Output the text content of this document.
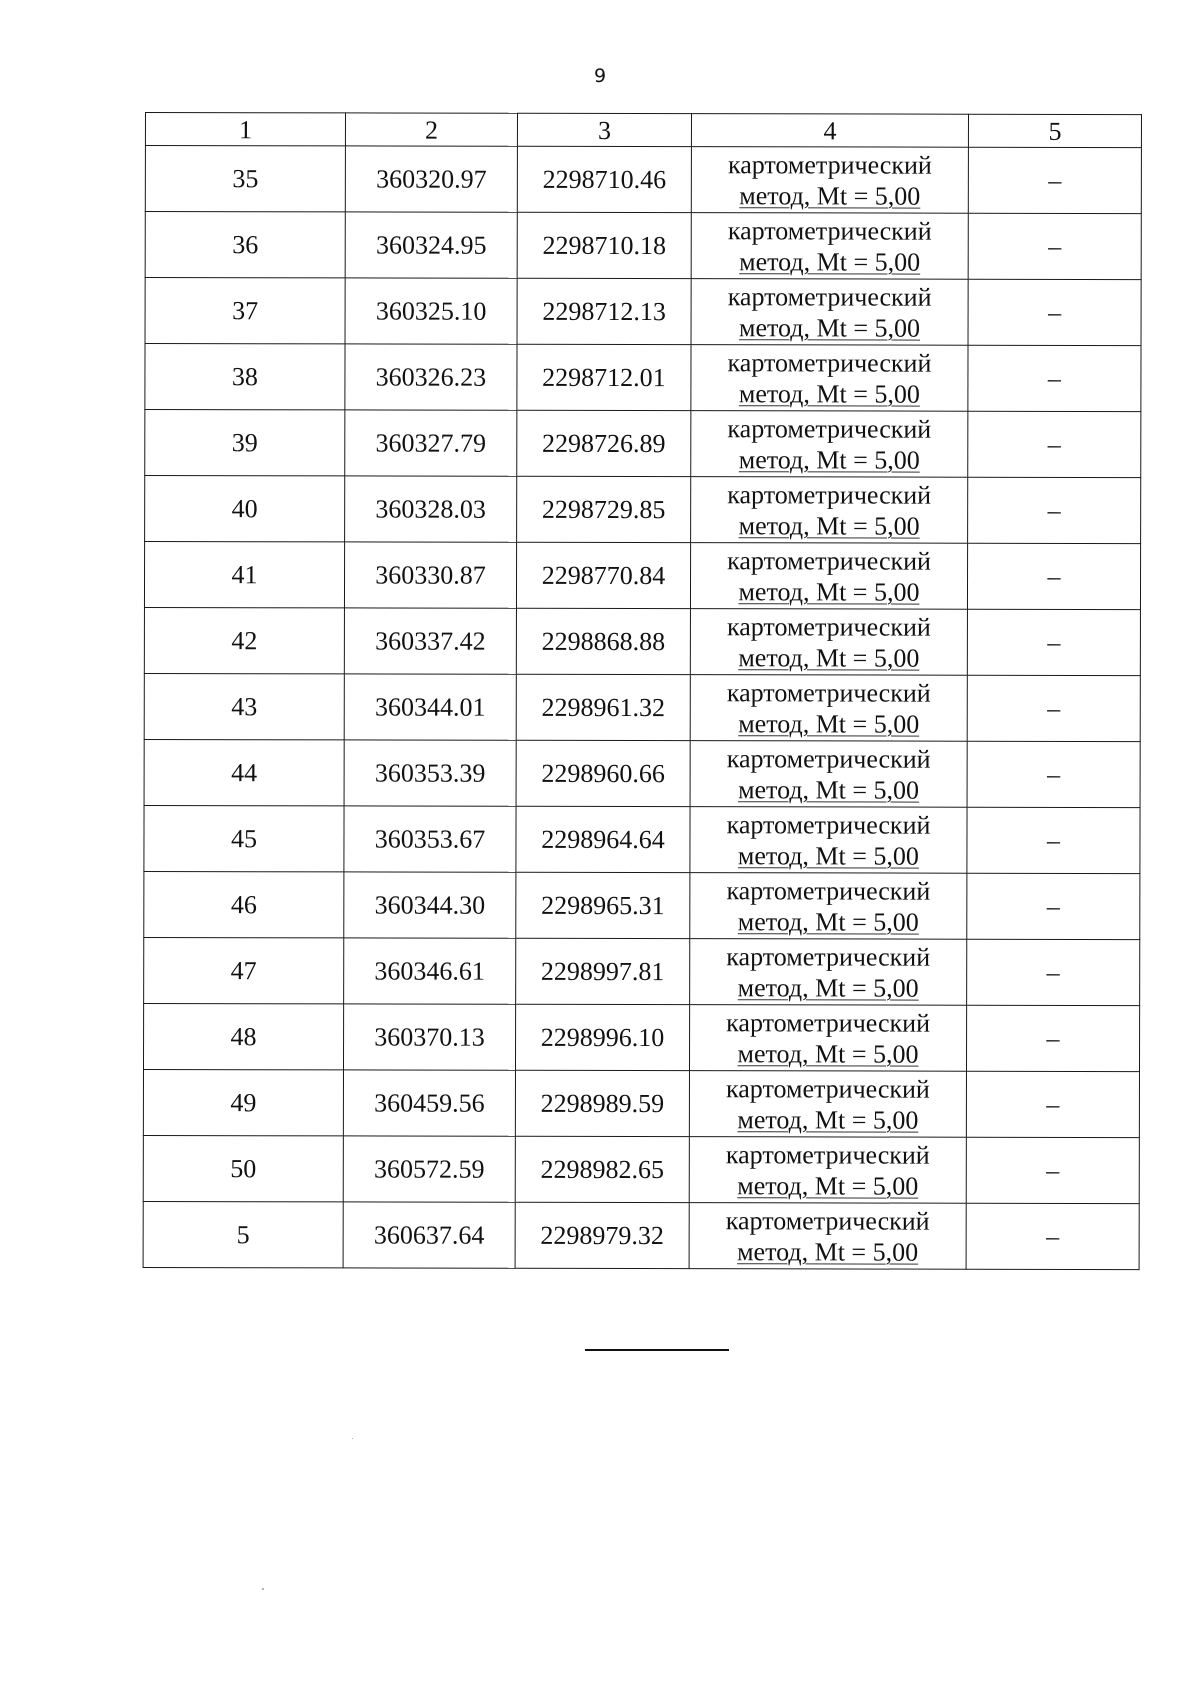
9
1	2	3	4	5
35	360320.97	2298710.46	картометрический
метод, Mt = 5,00	–
36	360324.95	2298710.18	картометрический
метод, Mt = 5,00	–
37	360325.10	2298712.13	картометрический
метод, Mt = 5,00	–
38	360326.23	2298712.01	картометрический
метод, Mt = 5,00	–
39	360327.79	2298726.89	картометрический
метод, Mt = 5,00	–
40	360328.03	2298729.85	картометрический
метод, Mt = 5,00	–
41	360330.87	2298770.84	картометрический
метод, Mt = 5,00	–
42	360337.42	2298868.88	картометрический
метод, Mt = 5,00	–
43	360344.01	2298961.32	картометрический
метод, Mt = 5,00	–
44	360353.39	2298960.66	картометрический
метод, Mt = 5,00	–
45	360353.67	2298964.64	картометрический
метод, Mt = 5,00	–
46	360344.30	2298965.31	картометрический
метод, Mt = 5,00	–
47	360346.61	2298997.81	картометрический
метод, Mt = 5,00	–
48	360370.13	2298996.10	картометрический
метод, Mt = 5,00	–
49	360459.56	2298989.59	картометрический
метод, Mt = 5,00	–
50	360572.59	2298982.65	картометрический
метод, Mt = 5,00	–
5	360637.64	2298979.32	картометрический
метод, Mt = 5,00	–
